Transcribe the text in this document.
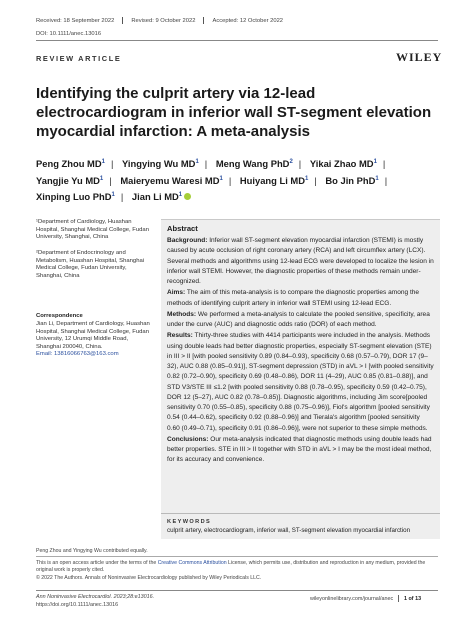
Received: 18 September 2022	Revised: 9 October 2022	Accepted: 12 October 2022
DOI: 10.1111/anec.13016
REVIEW ARTICLE	WILEY
Identifying the culprit artery via 12-lead electrocardiogram in inferior wall ST-segment elevation myocardial infarction: A meta-analysis
Peng Zhou $MD^1$ | Yingying Wu $MD^1$ | Meng Wang PhD$^2$ | Yikai Zhao $MD^1$ |
Yangjie Yu $MD^1$ | Maieryemu Waresi $MD^1$ | Huiyang Li $MD^1$ | Bo Jin PhD$^1$ |
Xinping Luo PhD$^1$ | Jian Li $MD^1$
¹Department of Cardiology, Huashan Hospital, Shanghai Medical College, Fudan University, Shanghai, China
²Department of Endocrinology and Metabolism, Huashan Hospital, Shanghai Medical College, Fudan University, Shanghai, China
Correspondence
Jian Li, Department of Cardiology, Huashan Hospital, Shanghai Medical College, Fudan University, 12 Urumqi Middle Road, Shanghai 200040, China.
Email: 13816066763@163.com
Abstract

Background: Inferior wall ST-segment elevation myocardial infarction (STEMI) is mostly caused by acute occlusion of right coronary artery (RCA) and left circumflex artery (LCX). Several methods and algorithms using 12-lead ECG were developed to localize the lesion in inferior wall STEMI. However, the diagnostic properties of these methods remain under-recognized.

Aims: The aim of this meta-analysis is to compare the diagnostic properties among the methods of identifying culprit artery in inferior wall STEMI using 12-lead ECG.

Methods: We performed a meta-analysis to calculate the pooled sensitive, specificity, area under the curve (AUC) and diagnostic odds ratio (DOR) of each method.

Results: Thirty-three studies with 4414 participants were included in the analysis. Methods using double leads had better diagnostic properties, especially ST-segment elevation (STE) in III > II [with pooled sensitivity 0.89 (0.84–0.93), specificity 0.68 (0.57–0.79), DOR 17 (9–32), AUC 0.88 (0.85–0.91)], ST-segment depression (STD) in aVL > I [with pooled sensitivity 0.82 (0.72–0.90), specificity 0.69 (0.48–0.86), DOR 11 (4–29), AUC 0.85 (0.81–0.88)], and STD V3/STE III ≤1.2 [with pooled sensitivity 0.88 (0.78–0.95), specificity 0.59 (0.42–0.75), DOR 12 (5–27), AUC 0.82 (0.78–0.85)]. Diagnostic algorithms, including Jim score[pooled sensitivity 0.70 (0.55–0.85), specificity 0.88 (0.75–0.96)], Fiol's algorithm [pooled sensitivity 0.54 (0.44–0.62), specificity 0.92 (0.88–0.96)] and Tierala's algorithm [pooled sensitivity 0.60 (0.49–0.71), specificity 0.91 (0.86–0.96)], were not superior to these simple methods.

Conclusions: Our meta-analysis indicated that diagnostic methods using double leads had better properties. STE in III > II together with STD in aVL > I may be the most ideal method, for its accuracy and convenience.

KEYWORDS
culprit artery, electrocardiogram, inferior wall, ST-segment elevation myocardial infarction
Peng Zhou and Yingying Wu contributed equally.
This is an open access article under the terms of the Creative Commons Attribution License, which permits use, distribution and reproduction in any medium, provided the original work is properly cited.
© 2022 The Authors. Annals of Noninvasive Electrocardiology published by Wiley Periodicals LLC.
Ann Noninvasive Electrocardiol. 2023;28:e13016.
https://doi.org/10.1111/anec.13016
wileyonlinelibrary.com/journal/anec 1 of 13
